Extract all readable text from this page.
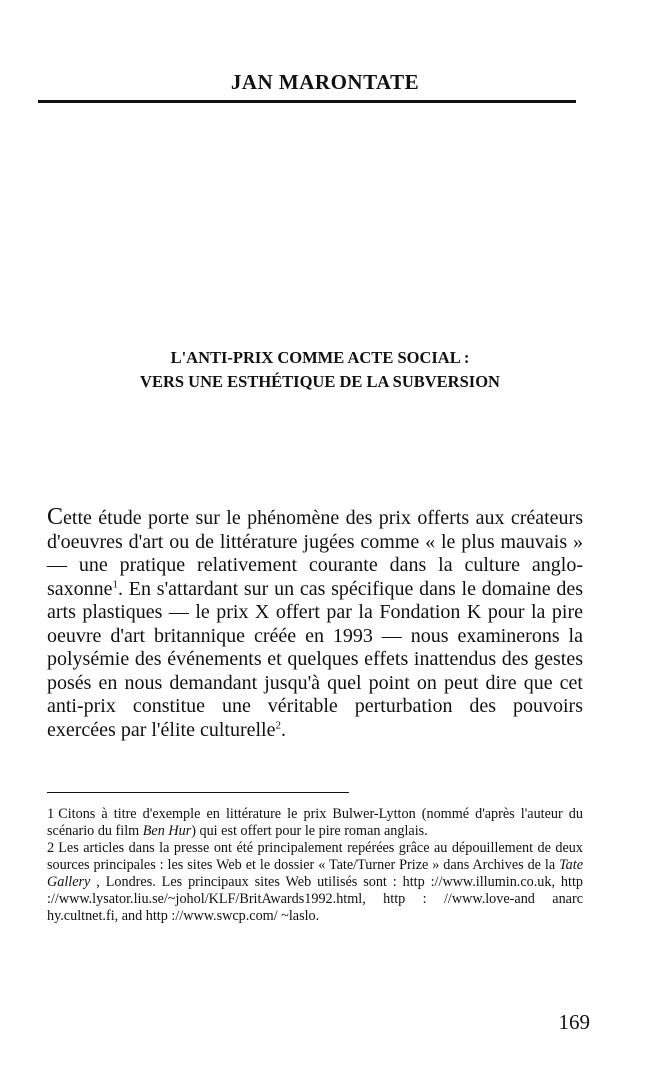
JAN MARONTATE
L'ANTI-PRIX COMME ACTE SOCIAL :
VERS UNE ESTHÉTIQUE DE LA SUBVERSION
Cette étude porte sur le phénomène des prix offerts aux créateurs d'oeuvres d'art ou de littérature jugées comme « le plus mauvais » — une pratique relativement courante dans la culture anglo-saxonne$^1$. En s'attardant sur un cas spécifique dans le domaine des arts plastiques — le prix X offert par la Fondation K pour la pire oeuvre d'art britannique créée en 1993 — nous examinerons la polysémie des événements et quelques effets inattendus des gestes posés en nous demandant jusqu'à quel point on peut dire que cet anti-prix constitue une véritable perturbation des pouvoirs exercées par l'élite culturelle$^2$.

1 Citons à titre d'exemple en littérature le prix Bulwer-Lytton (nommé d'après l'auteur du scénario du film Ben Hur) qui est offert pour le pire roman anglais.

2 Les articles dans la presse ont été principalement repérées grâce au dépouillement de deux sources principales : les sites Web et le dossier « Tate/Turner Prize » dans Archives de la Tate Gallery , Londres. Les principaux sites Web utilisés sont : http ://www.illumin.co.uk, http ://www.lysator.liu.se/~johol/KLF/BritAwards1992.html, http : //www.love-and anarc hy.cultnet.fi, and http ://www.swcp.com/ ~laslo.

169
